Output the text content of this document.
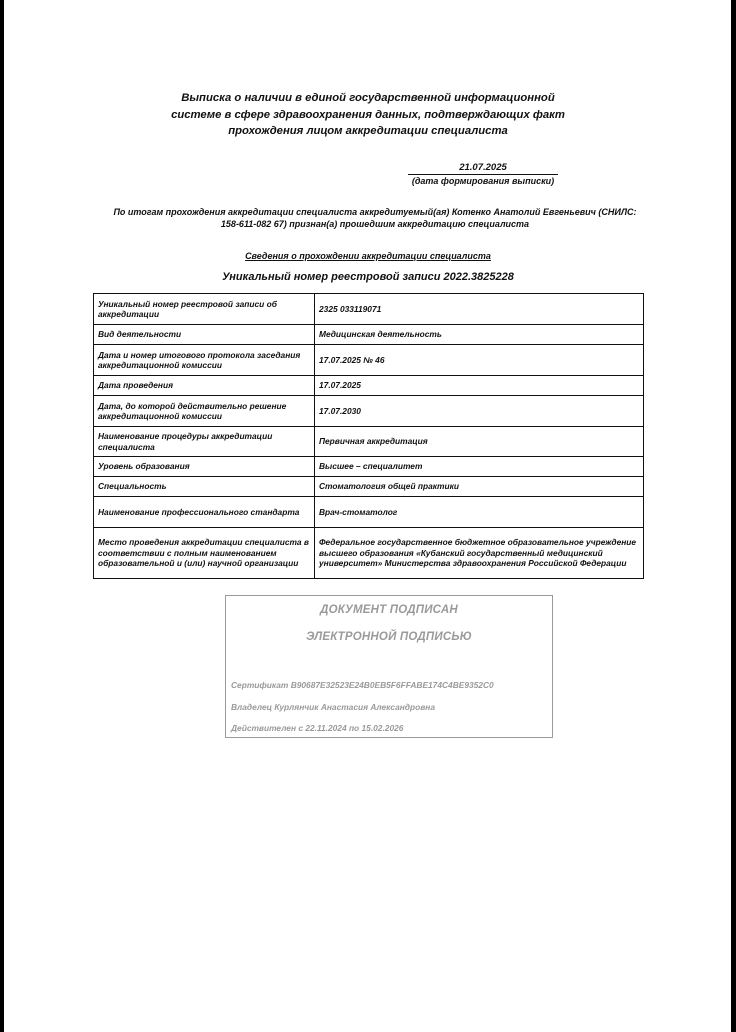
Выписка о наличии в единой государственной информационной
системе в сфере здравоохранения данных, подтверждающих факт
прохождения лицом аккредитации специалиста
21.07.2025
(дата формирования выписки)
По итогам прохождения аккредитации специалиста аккредитуемый(ая) Котенко Анатолий Евгеньевич (СНИЛС:
158-611-082 67) признан(а) прошедшим аккредитацию специалиста
Сведения о прохождении аккредитации специалиста
Уникальный номер реестровой записи 2022.3825228
Уникальный номер реестровой записи об аккредитации	2325 033119071
Вид деятельности	Медицинская деятельность
Дата и номер итогового протокола заседания аккредитационной комиссии	17.07.2025 № 46
Дата проведения	17.07.2025
Дата, до которой действительно решение аккредитационной комиссии	17.07.2030
Наименование процедуры аккредитации специалиста	Первичная аккредитация
Уровень образования	Высшее – специалитет
Специальность	Стоматология общей практики
Наименование профессионального стандарта	Врач-стоматолог
Место проведения аккредитации специалиста в соответствии с полным наименованием образовательной и (или) научной организации	Федеральное государственное бюджетное образовательное учреждение высшего образования «Кубанский государственный медицинский университет» Министерства здравоохранения Российской Федерации
ДОКУМЕНТ ПОДПИСАН
ЭЛЕКТРОННОЙ ПОДПИСЬЮ
Сертификат B90687E32523E24B0EB5F6FFABE174C4BE9352C0
Владелец Курлянчик Анастасия Александровна
Действителен с 22.11.2024 по 15.02.2026
